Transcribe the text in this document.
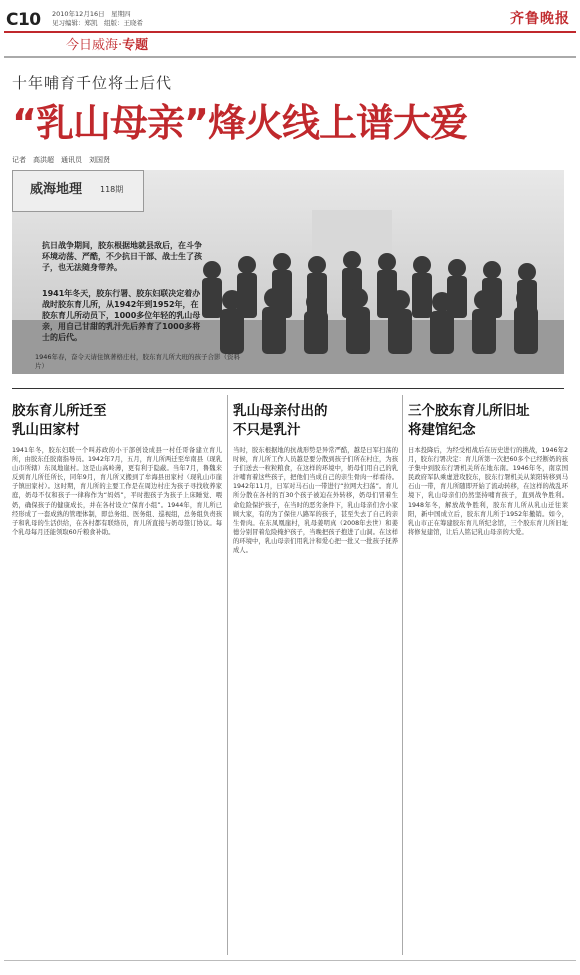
C10 2010年12月16日　星期四
见习编辑：郑凯　组版：王晓希	齐鲁晚报
今日威海·专题
十年哺育千位将士后代
“乳山母亲”烽火线上谱大爱
记者　高洪超　通讯员　刘国贤
威海地理 118期
抗日战争期间，胶东根据地就县敌后，在斗争环境动荡、严酷，不少抗日干部、战士生了孩子，也无法随身带养。
1941年冬天，胶东行署、胶东妇联决定着办战时胶东育儿所，从1942年到1952年，在胶东育儿所动员下，1000多位年轻的乳山母亲，用自己甘甜的乳汁先后养育了1000多将士的后代。
1946年春，奋令天请住镇著格庄村，胶东育儿所大班的孩子合影（资料片）
胶东育儿所迁至
乳山田家村
1941年冬，胶东妇联一个叫苏政的小干部创设成县一村任哥备建立育儿所，由胶东任胶南指导员。1942年7月，五月，育儿所两迁至牟南县（现乳山市所辖）东凤地崖村。这是山高岭薄，更有利于隐蔽。当年7月，鲁魏来反到育儿所任所长，同年9月，育儿所又搬到了牟海县田家村（现乳山市崖子镇田家村）。这时期，育儿所的主要工作是在周边村庄为孩子寻找收养家庭，奶母不仅和孩子一律称作为“妈妈”，平时抱孩子为孩子上床睡觉、喂奶，确保孩子的健康成长，并在各村设立“保育小组”。1944年，育儿所已经形成了一套成熟的管理体制，即总务组、医务组、巡视组，总务组负责孩子和乳母的生活供给，在各村都有联络员，育儿所直接与奶母签订协议。每个乳母每月还能领取60斤粮食补助。
乳山母亲付出的
不只是乳汁
当时，胶东根据地的抗战形势是异常严酷，越是日军扫荡的时候，育儿所工作人员越是要分散到孩子们所在村庄，为孩子们送去一粒粒粮食，在这样的环境中，奶母们用自己的乳汁哺育着这些孩子，把他们当成自己的亲生骨肉一样看待。1942年11月，日军对马石山一带进行“拉网大扫荡”。育儿所分散在各村的百30个孩子被迫在外转移，奶母们冒着生命危险保护孩子，在当时的恶劣条件下，乳山母亲们舍小家顾大家，有的为了保住八路军的孩子，甚至失去了自己的亲生骨肉。在东凤凰崖村，乳母姜明真（2008年去世）和姜德分别冒着危险掩护孩子，当晚把孩子抱进了山洞。在这样的环境中，乳山母亲们用乳汁和爱心把一批又一批孩子抚养成人。
三个胶东育儿所旧址
将建馆纪念
日本投降后，为经受相战后在历史进行的挑战，1946年2月，胶东行署决定：育儿所第一次把60多个已经断奶的孩子集中到胶东行署机关所在地东南。1946年冬，南京国民政府军队乘虚进攻胶东，胶东行署机关从莱阳转移到马石山一带，育儿所随即开始了流动转移，在这样的战乱环境下，乳山母亲们仍然坚持哺育孩子，直到战争胜利。1948年冬，解放战争胜利，胶东育儿所从乳山迁往莱阳，新中国成立后，胶东育儿所于1952年撤销。如今，乳山市正在筹建胶东育儿所纪念馆，三个胶东育儿所旧址将修复建馆，让后人铭记乳山母亲的大爱。
